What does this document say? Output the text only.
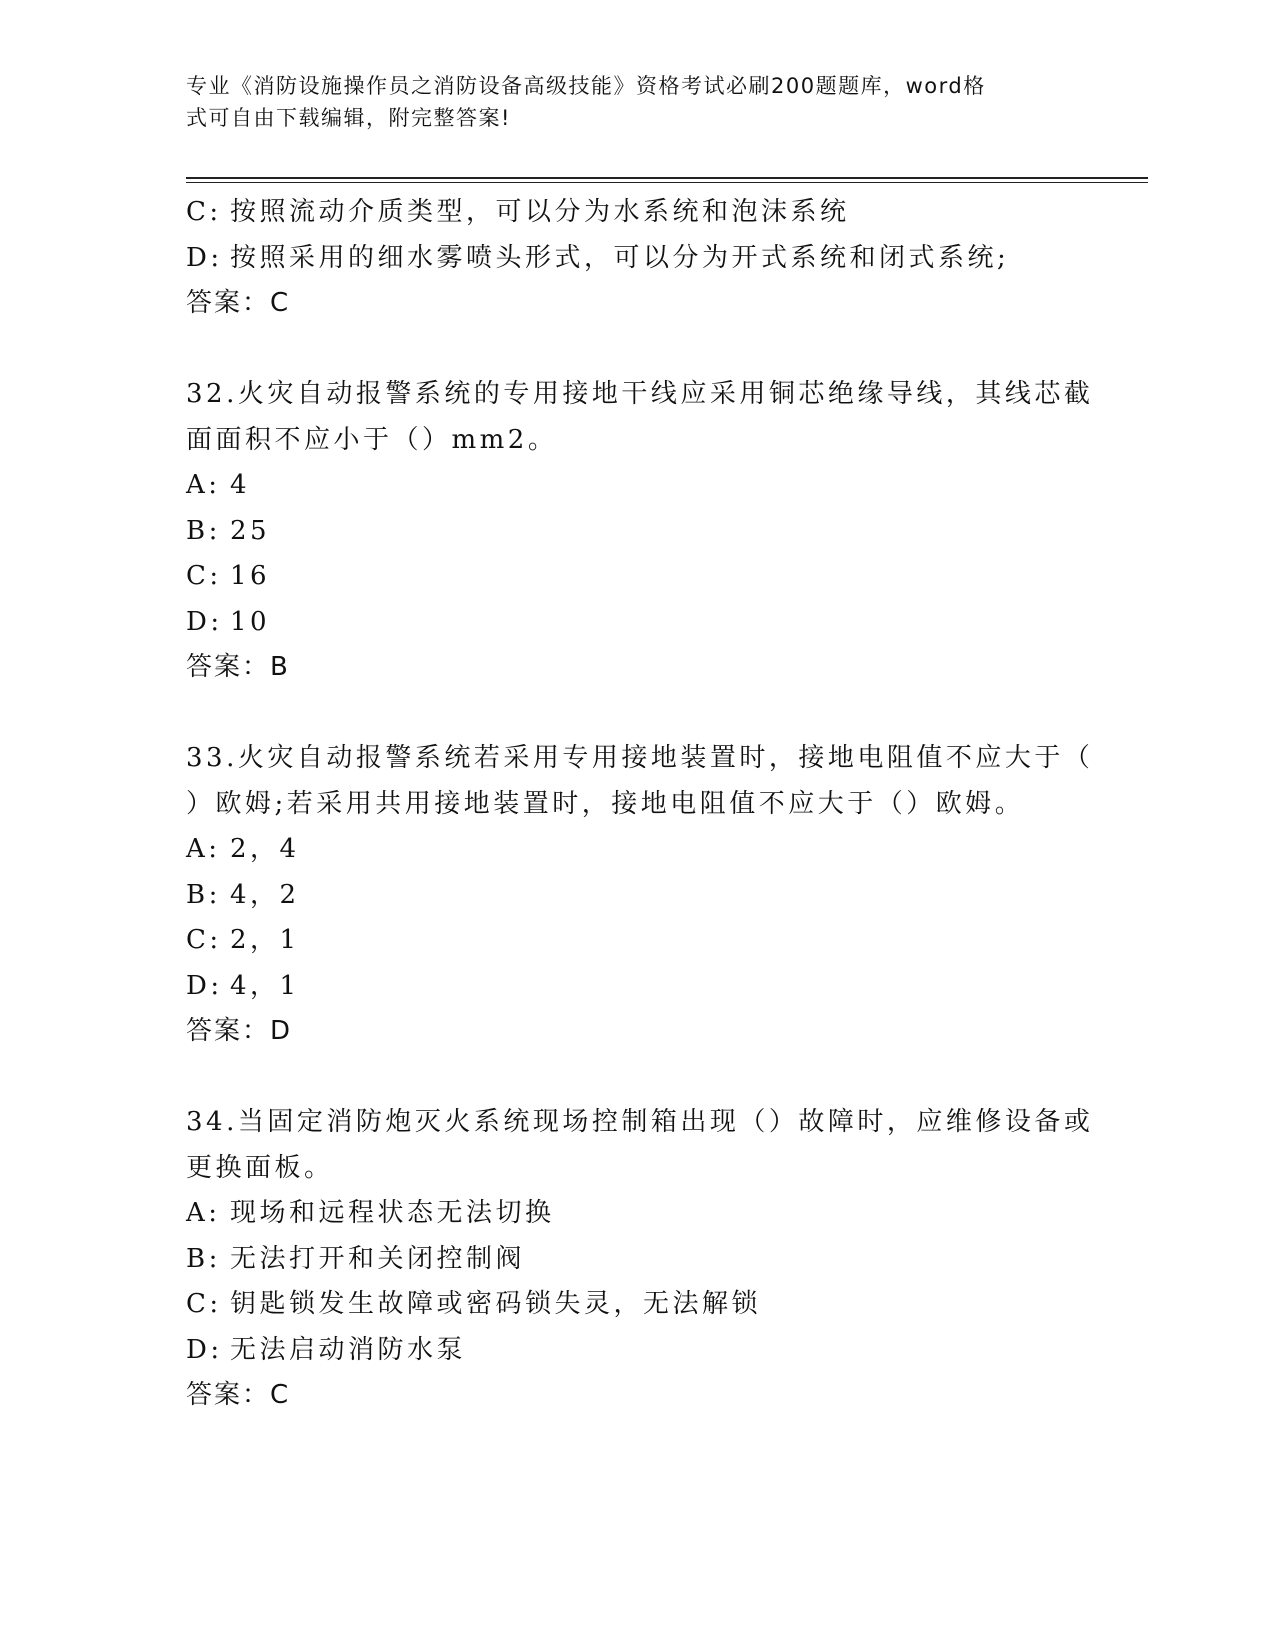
专业《消防设施操作员之消防设备高级技能》资格考试必刷200题题库，word格
式可自由下载编辑，附完整答案!
C: 按照流动介质类型，可以分为水系统和泡沫系统
D: 按照采用的细水雾喷头形式，可以分为开式系统和闭式系统;
答案：C
32.火灾自动报警系统的专用接地干线应采用铜芯绝缘导线，其线芯截
面面积不应小于（）mm2。
A: 4
B: 25
C: 16
D: 10
答案：B
33.火灾自动报警系统若采用专用接地装置时，接地电阻值不应大于（
）欧姆;若采用共用接地装置时，接地电阻值不应大于（）欧姆。
A: 2，4
B: 4，2
C: 2，1
D: 4，1
答案：D
34.当固定消防炮灭火系统现场控制箱出现（）故障时，应维修设备或
更换面板。
A: 现场和远程状态无法切换
B: 无法打开和关闭控制阀
C: 钥匙锁发生故障或密码锁失灵，无法解锁
D: 无法启动消防水泵
答案：C
